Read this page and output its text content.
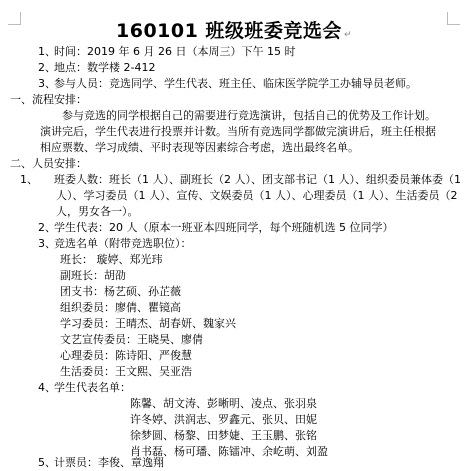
160101 班级班委竞选会 ↵
1、时间：2019 年 6 月 26 日（本周三）下午 15 时
2、地点：数学楼 2-412
3、参与人员：竞选同学、学生代表、班主任、临床医学院学工办辅导员老师。
一、流程安排：
参与竞选的同学根据自己的需要进行竞选演讲，包括自己的优势及工作计划。演讲完后，学生代表进行投票并计数。当所有竞选同学都做完演讲后，班主任根据相应票数、学习成绩、平时表现等因素综合考虑，选出最终名单。
二、人员安排：
1、 班委人数：班长（1 人）、副班长（2 人）、团支部书记（1 人）、组织委员兼体委（1 人）、学习委员（1 人）、宣传、文娱委员（1 人）、心理委员（1 人）、生活委员（2 人，男女各一）。
2、学生代表：20 人（原本一班亚本四班同学，每个班随机选 5 位同学）
3、竞选名单（附带竞选职位）：
班长： 璇婷、郑光玮
副班长：胡劭
团支书：杨艺硕、孙芷薇
组织委员：廖倩、瞿镜高
学习委员：王晴杰、胡春妍、魏家兴
文艺宣传委员：王晓昊、廖倩
心理委员：陈诗阳、严俊慧
生活委员：王文熙、吴亚浩
4、学生代表名单：
陈馨、胡文涛、彭晰明、凌点、张羽泉
许冬婷、洪润志、罗鑫元、张贝、田妮
徐梦圆、杨黎、田梦婕、王玉鹏、张铭
肖书磊、杨可璠、陈镭冲、余屹萌、刘盈
5、计票员：李俊、章逸翔
